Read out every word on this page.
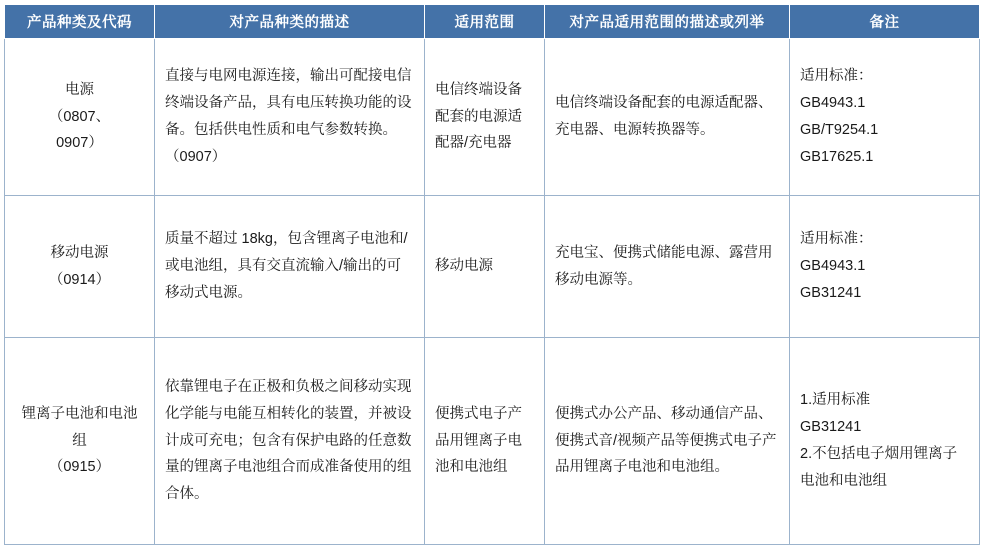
产品种类及代码	对产品种类的描述	适用范围	对产品适用范围的描述或列举	备注

电源
（0807、
0907）	直接与电网电源连接，输出可配接电信终端设备产品，具有电压转换功能的设备。包括供电性质和电气参数转换。（0907）	电信终端设备配套的电源适配器/充电器	电信终端设备配套的电源适配器、充电器、电源转换器等。	适用标准：
GB4943.1
GB/T9254.1
GB17625.1

移动电源
（0914）	质量不超过 18kg，包含锂离子电池和/或电池组，具有交直流输入/输出的可移动式电源。	移动电源	充电宝、便携式储能电源、露营用移动电源等。	适用标准：
GB4943.1
GB31241

锂离子电池和电池组
（0915）	依靠锂电子在正极和负极之间移动实现化学能与电能互相转化的装置，并被设计成可充电；包含有保护电路的任意数量的锂离子电池组合而成准备使用的组合体。	便携式电子产品用锂离子电池和电池组	便携式办公产品、移动通信产品、便携式音/视频产品等便携式电子产品用锂离子电池和电池组。	1.适用标准
GB31241
2.不包括电子烟用锂离子电池和电池组
